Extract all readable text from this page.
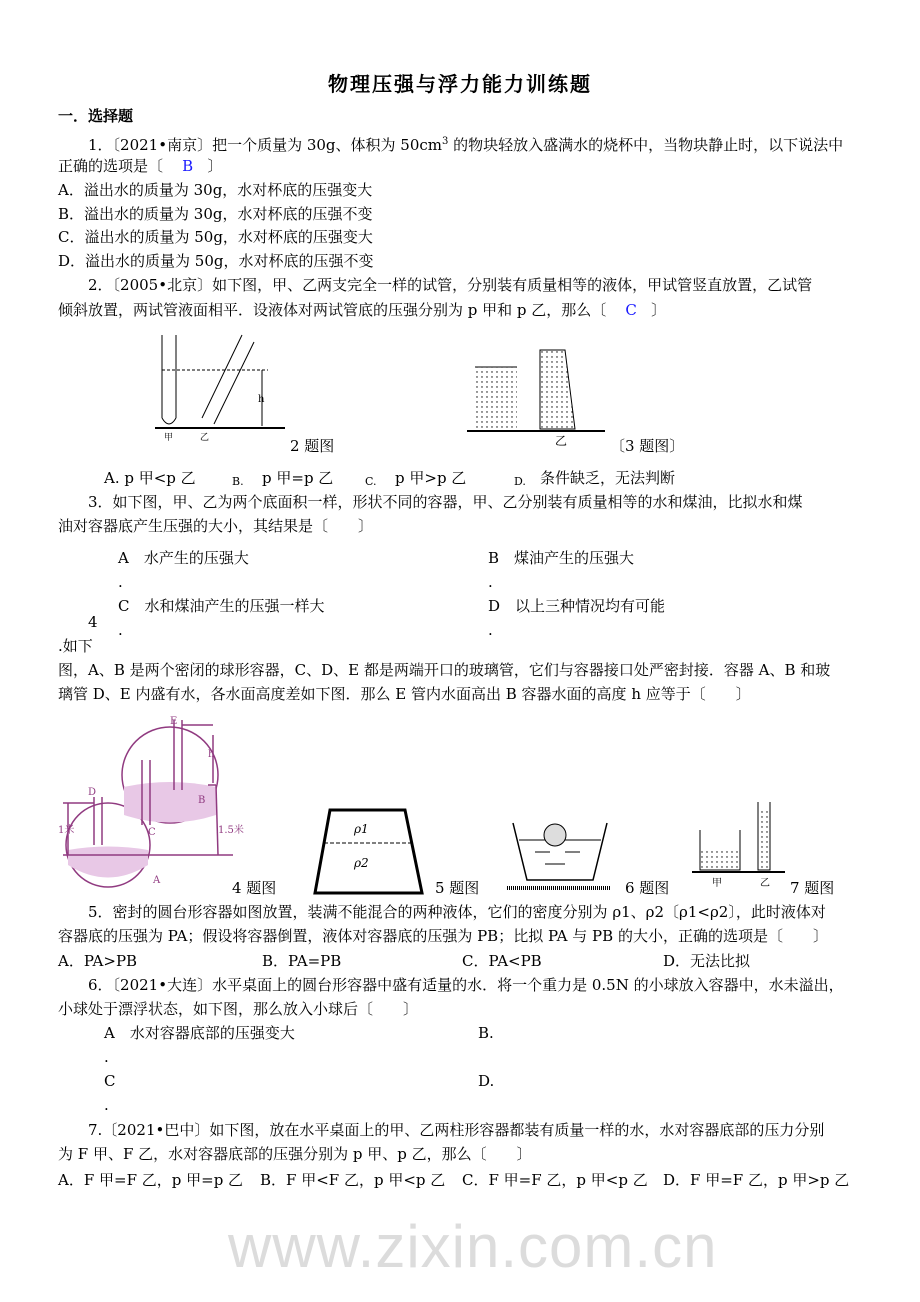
www.zixin.com.cn
物理压强与浮力能力训练题
一．选择题
1．〔2021•南京〕把一个质量为 30g、体积为 $50cm^3$ 的物块轻放入盛满水的烧杯中，当物块静止时，以下说法中
正确的选项是〔 B 〕
A．溢出水的质量为 30g，水对杯底的压强变大
B．溢出水的质量为 30g，水对杯底的压强不变
C．溢出水的质量为 50g，水对杯底的压强变大
D．溢出水的质量为 50g，水对杯底的压强不变
2．〔2005•北京〕如下图，甲、乙两支完全一样的试管，分别装有质量相等的液体，甲试管竖直放置，乙试管
倾斜放置，两试管液面相平．设液体对两试管底的压强分别为 p 甲和 p 乙，那么〔 C 〕
h
甲	乙	2 题图	乙	〔3 题图〕
A. p 甲<p 乙	B. p 甲=p 乙	C. p 甲>p 乙	D. 条件缺乏，无法判断
3．如下图，甲、乙为两个底面积一样，形状不同的容器，甲、乙分别装有质量相等的水和煤油，比拟水和煤
油对容器底产生压强的大小，其结果是〔　　〕
A　水产生的压强大	B　煤油产生的压强大
.	.
C　水和煤油产生的压强一样大	D　以上三种情况均有可能
.	.
4
.如下
图，A、B 是两个密闭的球形容器，C、D、E 都是两端开口的玻璃管，它们与容器接口处严密封接．容器 A、B 和玻
璃管 D、E 内盛有水，各水面高度差如下图．那么 E 管内水面高出 B 容器水面的高度 h 应等于〔　　〕
E
h
D
B
C
1米	1.5米
A	4 题图
ρ1
ρ2
5 题图	6 题图	甲	乙 7 题图
5．密封的圆台形容器如图放置，装满不能混合的两种液体，它们的密度分别为 ρ1、ρ2〔ρ1<ρ2〕，此时液体对
容器底的压强为 PA；假设将容器倒置，液体对容器底的压强为 PB；比拟 PA 与 PB 的大小，正确的选项是〔　　〕
A．PA>PB	B．PA=PB	C．PA<PB	D．无法比拟
6．〔2021•大连〕水平桌面上的圆台形容器中盛有适量的水．将一个重力是 0.5N 的小球放入容器中，水未溢出，
小球处于漂浮状态，如下图，那么放入小球后〔　　〕
A　水对容器底部的压强变大	B.
.
C	D.
.
7.〔2021•巴中〕如下图，放在水平桌面上的甲、乙两柱形容器都装有质量一样的水，水对容器底部的压力分别
为 F 甲、F 乙，水对容器底部的压强分别为 p 甲、p 乙，那么〔　　〕
A．F 甲=F 乙，p 甲=p 乙 B．F 甲<F 乙，p 甲<p 乙 C．F 甲=F 乙，p 甲<p 乙 D．F 甲=F 乙，p 甲>p 乙
